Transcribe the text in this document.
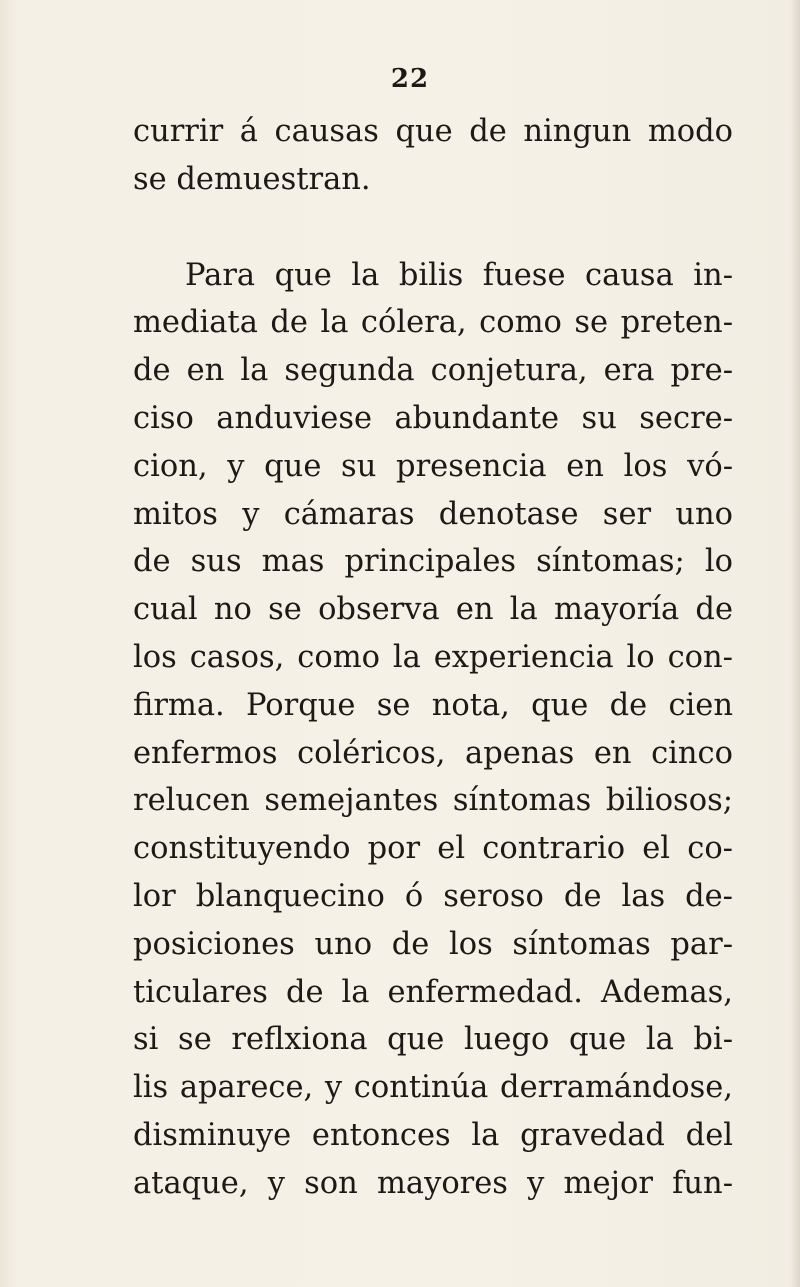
22
currir á causas que de ningun modo
se demuestran.
Para que la bilis fuese causa in-
mediata de la cólera, como se preten-
de en la segunda conjetura, era pre-
ciso anduviese abundante su secre-
cion, y que su presencia en los vó-
mitos y cámaras denotase ser uno
de sus mas principales síntomas; lo
cual no se observa en la mayoría de
los casos, como la experiencia lo con-
firma. Porque se nota, que de cien
enfermos coléricos, apenas en cinco
relucen semejantes síntomas biliosos;
constituyendo por el contrario el co-
lor blanquecino ó seroso de las de-
posiciones uno de los síntomas par-
ticulares de la enfermedad. Ademas,
si se reflxiona que luego que la bi-
lis aparece, y continúa derramándose,
disminuye entonces la gravedad del
ataque, y son mayores y mejor fun-
